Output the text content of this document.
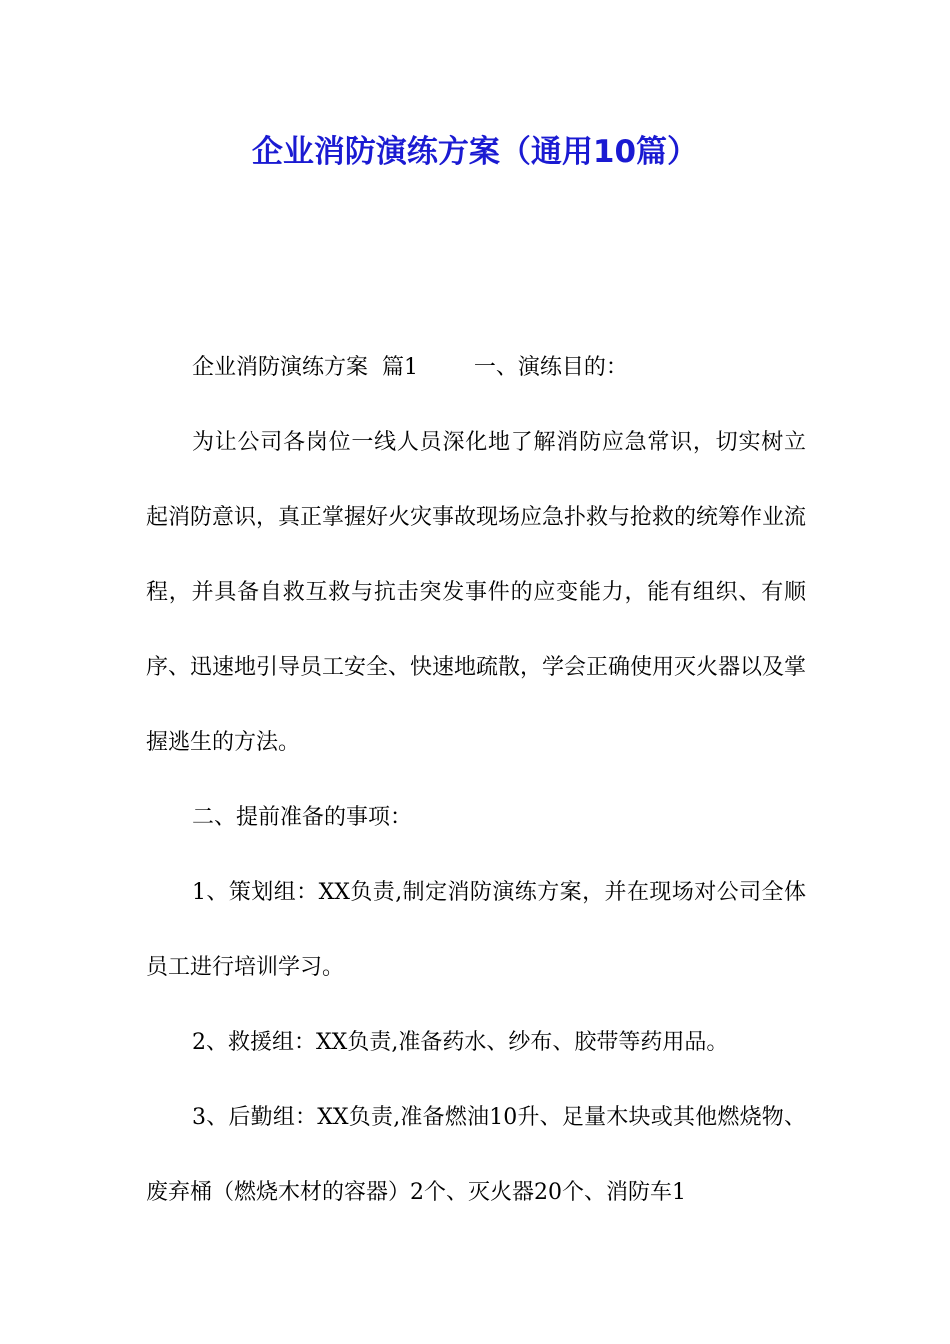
企业消防演练方案（通用10篇）

企业消防演练方案  篇1        一、演练目的：

为让公司各岗位一线人员深化地了解消防应急常识，切实树立起消防意识，真正掌握好火灾事故现场应急扑救与抢救的统筹作业流程，并具备自救互救与抗击突发事件的应变能力，能有组织、有顺序、迅速地引导员工安全、快速地疏散，学会正确使用灭火器以及掌握逃生的方法。

二、提前准备的事项：

1、策划组：XX负责,制定消防演练方案，并在现场对公司全体员工进行培训学习。

2、救援组：XX负责,准备药水、纱布、胶带等药用品。

3、后勤组：XX负责,准备燃油10升、足量木块或其他燃烧物、废弃桶（燃烧木材的容器）2个、灭火器20个、消防车1
